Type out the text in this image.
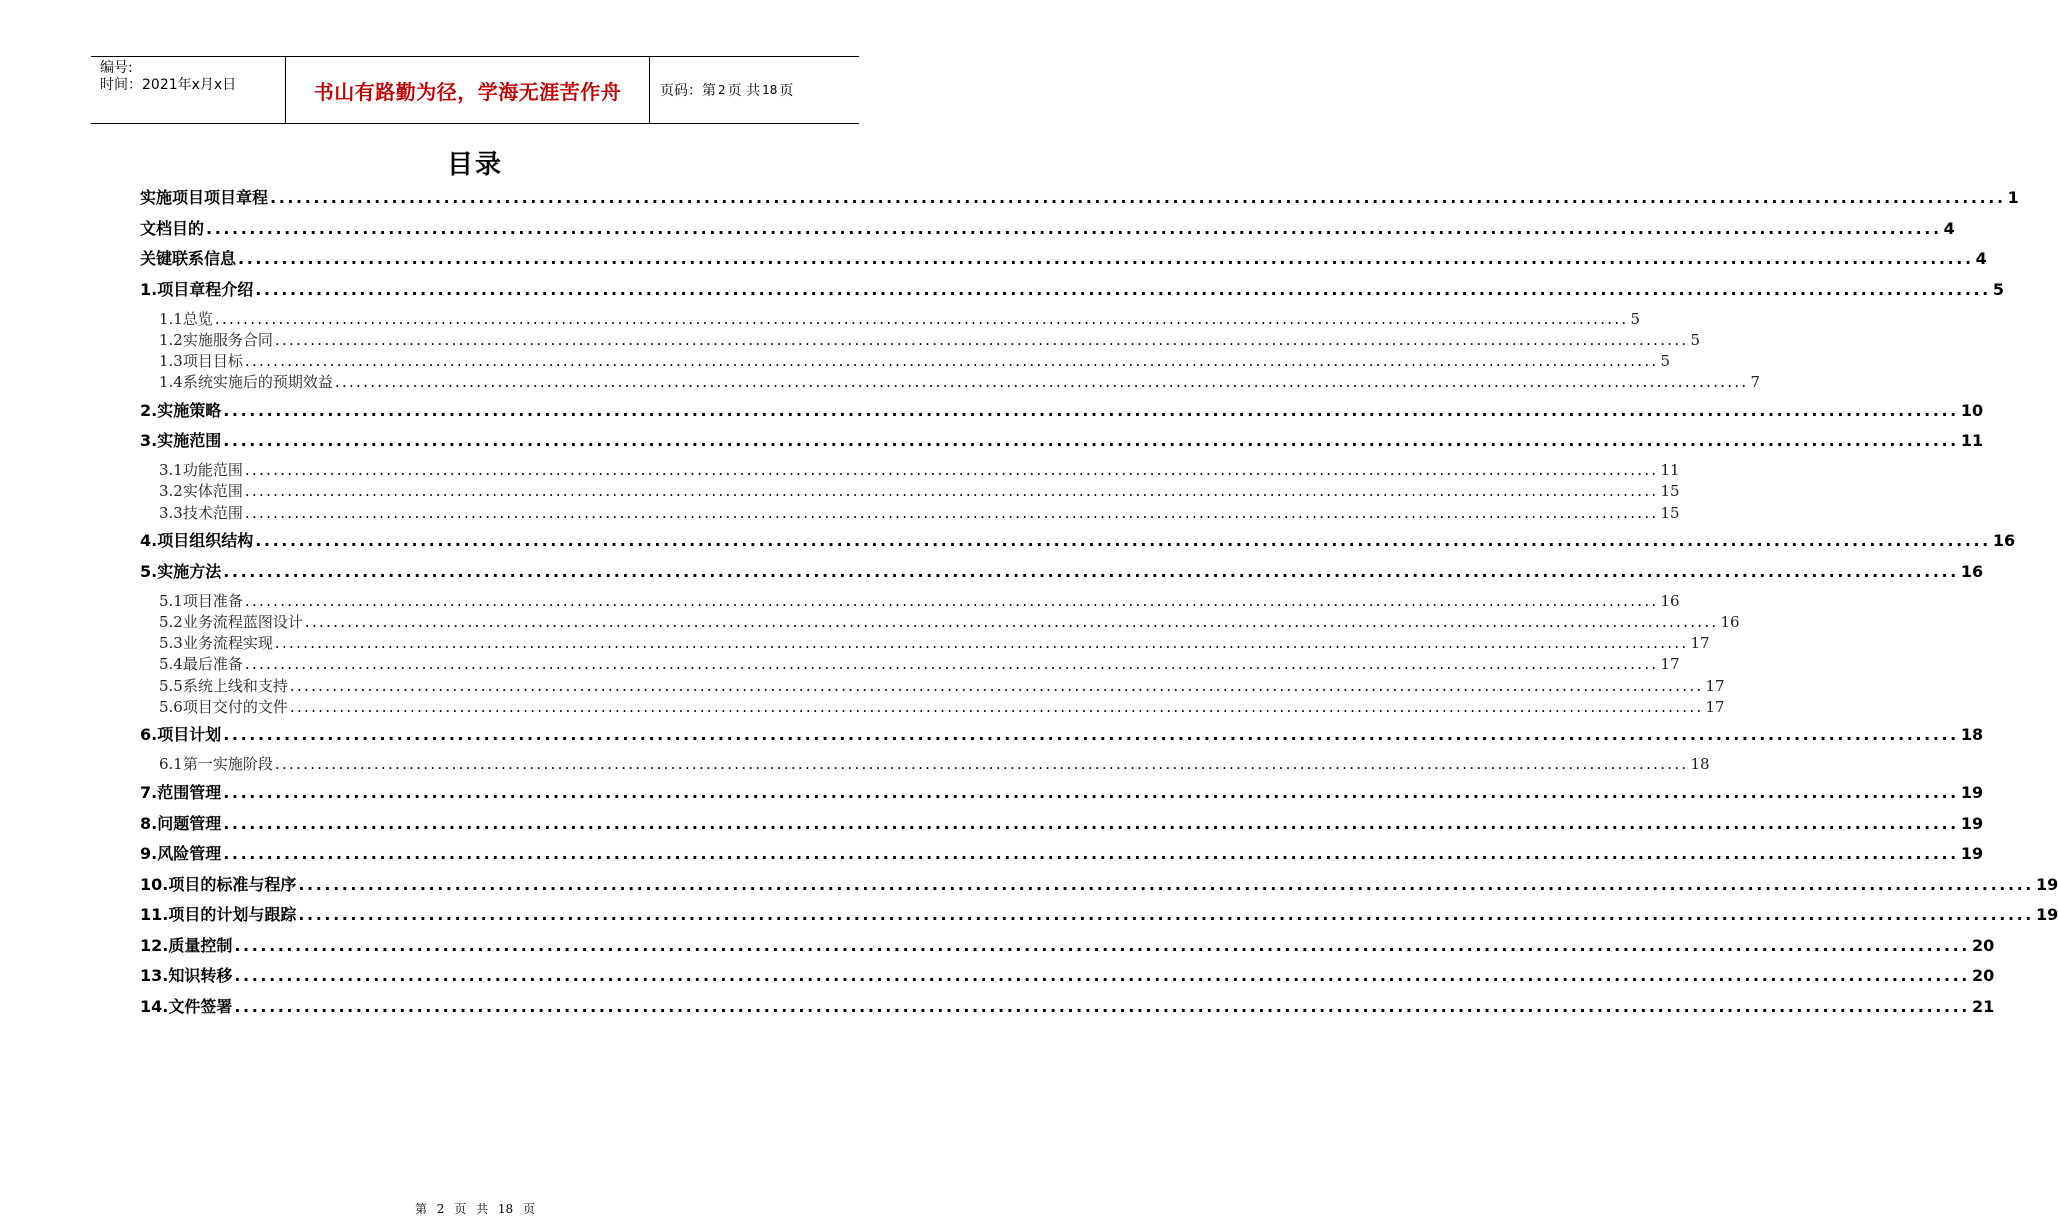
编号:
时间：2021年x月x日	书山有路勤为径，学海无涯苦作舟	页码：第 2 页 共 18 页
目录
实施项目项目章程 ........................................................................................................................................................................................................ 1
文档目的 ........................................................................................................................................................................................................ 4
关键联系信息 ........................................................................................................................................................................................................ 4
1. 项目章程介绍 ........................................................................................................................................................................................................ 5
1.1 总览 ........................................................................................................................................................................................................ 5
1.2 实施服务合同 ........................................................................................................................................................................................................ 5
1.3 项目目标 ........................................................................................................................................................................................................ 5
1.4 系统实施后的预期效益 ........................................................................................................................................................................................................ 7
2. 实施策略 ........................................................................................................................................................................................................ 10
3. 实施范围 ........................................................................................................................................................................................................ 11
3.1 功能范围 ........................................................................................................................................................................................................ 11
3.2 实体范围 ........................................................................................................................................................................................................ 15
3.3 技术范围 ........................................................................................................................................................................................................ 15
4. 项目组织结构 ........................................................................................................................................................................................................ 16
5. 实施方法 ........................................................................................................................................................................................................ 16
5.1 项目准备 ........................................................................................................................................................................................................ 16
5.2 业务流程蓝图设计 ........................................................................................................................................................................................................ 16
5.3 业务流程实现 ........................................................................................................................................................................................................ 17
5.4 最后准备 ........................................................................................................................................................................................................ 17
5.5 系统上线和支持 ........................................................................................................................................................................................................ 17
5.6 项目交付的文件 ........................................................................................................................................................................................................ 17
6. 项目计划 ........................................................................................................................................................................................................ 18
6.1 第一实施阶段 ........................................................................................................................................................................................................ 18
7. 范围管理 ........................................................................................................................................................................................................ 19
8. 问题管理 ........................................................................................................................................................................................................ 19
9. 风险管理 ........................................................................................................................................................................................................ 19
10. 项目的标准与程序 ........................................................................................................................................................................................................ 19
11. 项目的计划与跟踪 ........................................................................................................................................................................................................ 19
12. 质量控制 ........................................................................................................................................................................................................ 20
13. 知识转移 ........................................................................................................................................................................................................ 20
14. 文件签署 ........................................................................................................................................................................................................ 21
第 2 页 共 18 页
